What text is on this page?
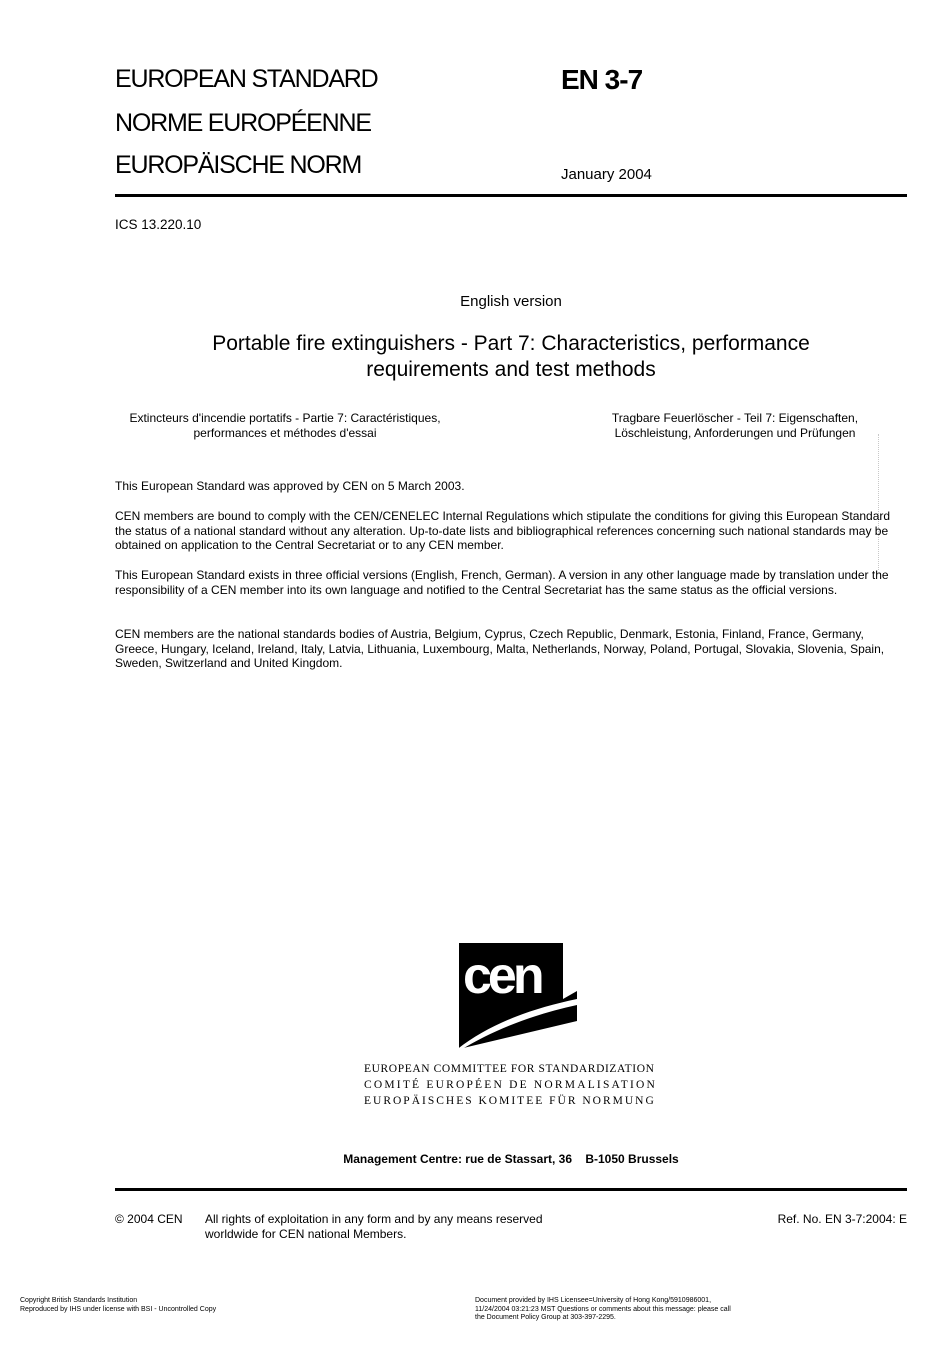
EUROPEAN STANDARD
NORME EUROPÉENNE
EUROPÄISCHE NORM
EN 3-7
January 2004
ICS 13.220.10
English version
Portable fire extinguishers - Part 7: Characteristics, performance
requirements and test methods
Extincteurs d'incendie portatifs - Partie 7: Caractéristiques,
performances et méthodes d'essai
Tragbare Feuerlöscher - Teil 7: Eigenschaften,
Löschleistung, Anforderungen und Prüfungen
This European Standard was approved by CEN on 5 March 2003.
CEN members are bound to comply with the CEN/CENELEC Internal Regulations which stipulate the conditions for giving this European Standard the status of a national standard without any alteration. Up-to-date lists and bibliographical references concerning such national standards may be obtained on application to the Central Secretariat or to any CEN member.
This European Standard exists in three official versions (English, French, German). A version in any other language made by translation under the responsibility of a CEN member into its own language and notified to the Central Secretariat has the same status as the official versions.
CEN members are the national standards bodies of Austria, Belgium, Cyprus, Czech Republic, Denmark, Estonia, Finland, France, Germany, Greece, Hungary, Iceland, Ireland, Italy, Latvia, Lithuania, Luxembourg, Malta, Netherlands, Norway, Poland, Portugal, Slovakia, Slovenia, Spain, Sweden, Switzerland and United Kingdom.
cen
EUROPEAN COMMITTEE FOR STANDARDIZATION
COMITÉ EUROPÉEN DE NORMALISATION
EUROPÄISCHES KOMITEE FÜR NORMUNG
Management Centre: rue de Stassart, 36    B-1050 Brussels
© 2004 CEN All rights of exploitation in any form and by any means reserved
worldwide for CEN national Members.
Ref. No. EN 3-7:2004: E
Copyright British Standards Institution
Reproduced by IHS under license with BSI - Uncontrolled Copy
Document provided by IHS Licensee=University of Hong Kong/5910986001,
11/24/2004 03:21:23 MST Questions or comments about this message: please call
the Document Policy Group at 303-397-2295.
